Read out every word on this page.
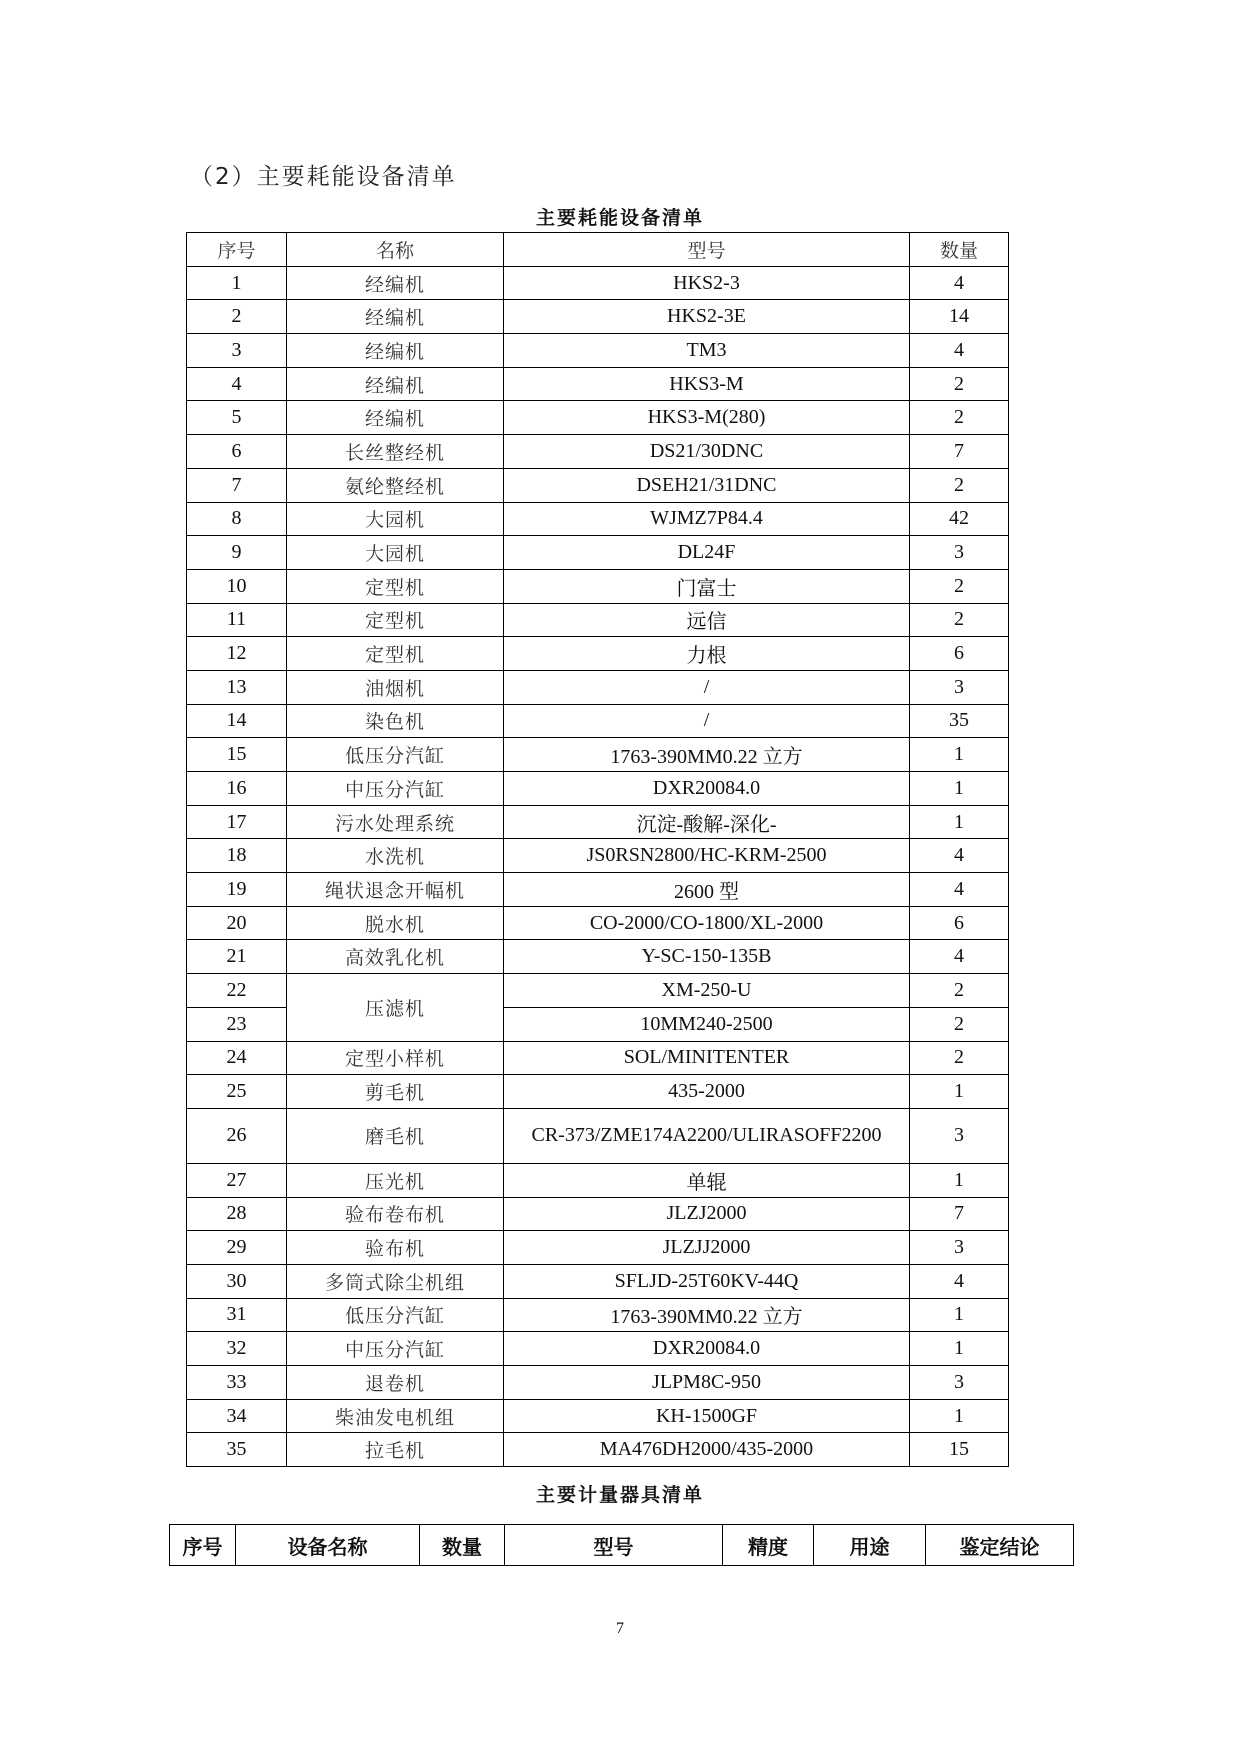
（2）主要耗能设备清单
主要耗能设备清单
序号	名称	型号	数量
1	经编机	HKS2-3	4
2	经编机	HKS2-3E	14
3	经编机	TM3	4
4	经编机	HKS3-M	2
5	经编机	HKS3-M(280)	2
6	长丝整经机	DS21/30DNC	7
7	氨纶整经机	DSEH21/31DNC	2
8	大园机	WJMZ7P84.4	42
9	大园机	DL24F	3
10	定型机	门富士	2
11	定型机	远信	2
12	定型机	力根	6
13	油烟机	/	3
14	染色机	/	35
15	低压分汽缸	1763-390MM0.22 立方	1
16	中压分汽缸	DXR20084.0	1
17	污水处理系统	沉淀-酸解-深化-	1
18	水洗机	JS0RSN2800/HC-KRM-2500	4
19	绳状退念开幅机	2600 型	4
20	脱水机	CO-2000/CO-1800/XL-2000	6
21	高效乳化机	Y-SC-150-135B	4
22	压滤机	XM-250-U	2
23		10MM240-2500	2
24	定型小样机	SOL/MINITENTER	2
25	剪毛机	435-2000	1
26	磨毛机	CR-373/ZME174A2200/ULIRASOFF2200	3
27	压光机	单辊	1
28	验布卷布机	JLZJ2000	7
29	验布机	JLZJJ2000	3
30	多筒式除尘机组	SFLJD-25T60KV-44Q	4
31	低压分汽缸	1763-390MM0.22 立方	1
32	中压分汽缸	DXR20084.0	1
33	退卷机	JLPM8C-950	3
34	柴油发电机组	KH-1500GF	1
35	拉毛机	MA476DH2000/435-2000	15
主要计量器具清单
序号	设备名称	数量	型号	精度	用途	鉴定结论
7
